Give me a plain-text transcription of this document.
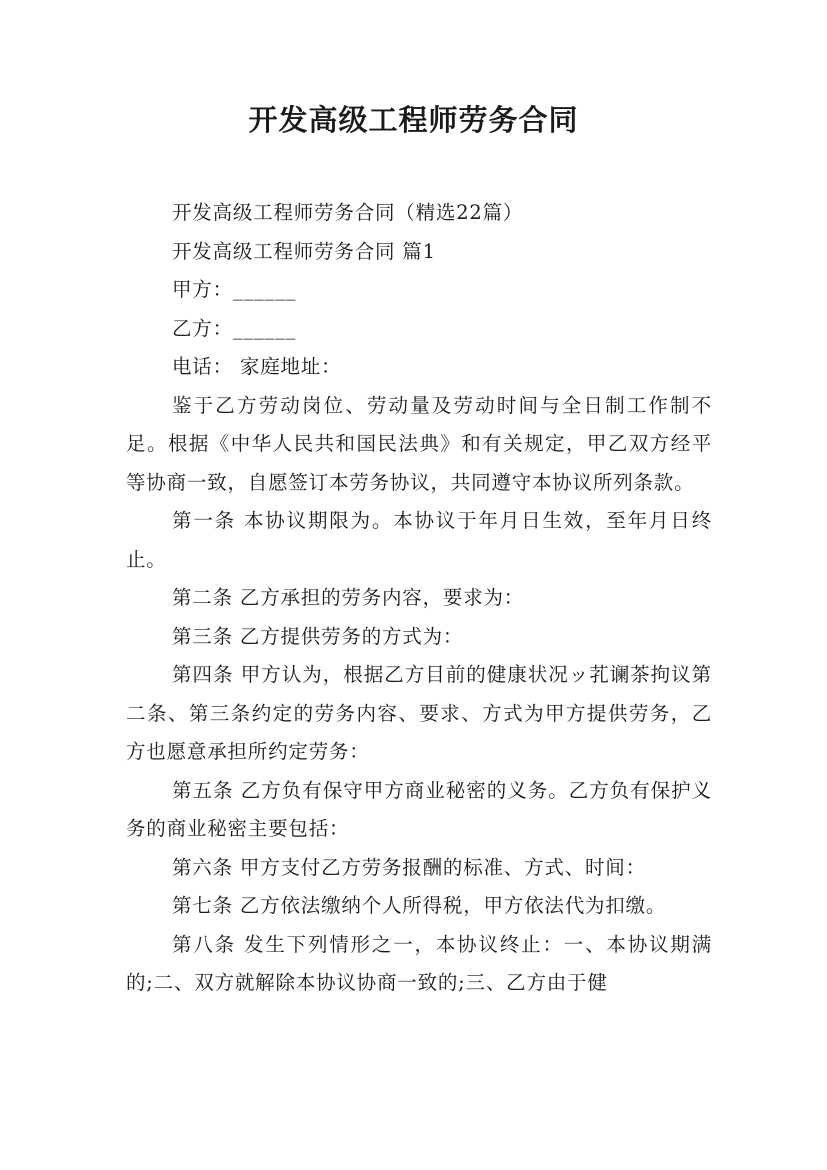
开发高级工程师劳务合同

开发高级工程师劳务合同（精选22篇）

开发高级工程师劳务合同 篇1

甲方：______

乙方：______

电话： 家庭地址：

鉴于乙方劳动岗位、劳动量及劳动时间与全日制工作制不足。根据《中华人民共和国民法典》和有关规定，甲乙双方经平等协商一致，自愿签订本劳务协议，共同遵守本协议所列条款。

第一条 本协议期限为。本协议于年月日生效，至年月日终止。

第二条 乙方承担的劳务内容，要求为：

第三条 乙方提供劳务的方式为：

第四条 甲方认为，根据乙方目前的健康状况ッ芤谰茶拘议第二条、第三条约定的劳务内容、要求、方式为甲方提供劳务，乙方也愿意承担所约定劳务：

第五条 乙方负有保守甲方商业秘密的义务。乙方负有保护义务的商业秘密主要包括：

第六条 甲方支付乙方劳务报酬的标准、方式、时间：

第七条 乙方依法缴纳个人所得税，甲方依法代为扣缴。

第八条 发生下列情形之一，本协议终止：一、本协议期满的;二、双方就解除本协议协商一致的;三、乙方由于健
